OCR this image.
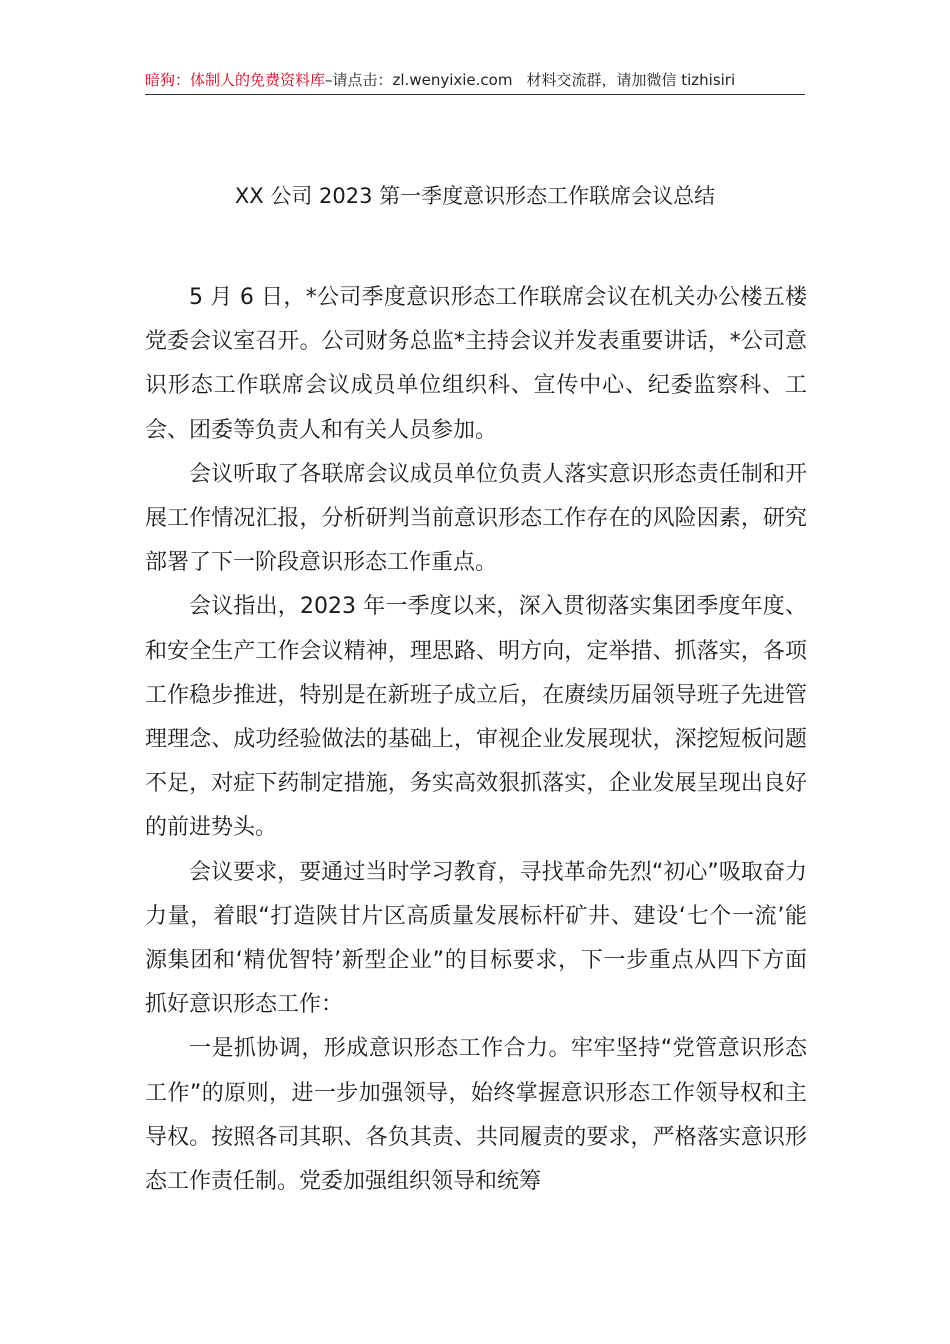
暗狗：体制人的免费资料库–请点击：zl.wenyixie.com 材料交流群，请加微信 tizhisiri
XX 公司 2023 第一季度意识形态工作联席会议总结

5 月 6 日，*公司季度意识形态工作联席会议在机关办公楼五楼党委会议室召开。公司财务总监*主持会议并发表重要讲话，*公司意识形态工作联席会议成员单位组织科、宣传中心、纪委监察科、工会、团委等负责人和有关人员参加。

会议听取了各联席会议成员单位负责人落实意识形态责任制和开展工作情况汇报，分析研判当前意识形态工作存在的风险因素，研究部署了下一阶段意识形态工作重点。

会议指出，2023 年一季度以来，深入贯彻落实集团季度年度、和安全生产工作会议精神，理思路、明方向，定举措、抓落实，各项工作稳步推进，特别是在新班子成立后，在赓续历届领导班子先进管理理念、成功经验做法的基础上，审视企业发展现状，深挖短板问题不足，对症下药制定措施，务实高效狠抓落实，企业发展呈现出良好的前进势头。

会议要求，要通过当时学习教育，寻找革命先烈“初心”吸取奋力力量，着眼“打造陕甘片区高质量发展标杆矿井、建设‘七个一流’能源集团和‘精优智特’新型企业”的目标要求，下一步重点从四下方面抓好意识形态工作：

一是抓协调，形成意识形态工作合力。牢牢坚持“党管意识形态工作”的原则，进一步加强领导，始终掌握意识形态工作领导权和主导权。按照各司其职、各负其责、共同履责的要求，严格落实意识形态工作责任制。党委加强组织领导和统筹
